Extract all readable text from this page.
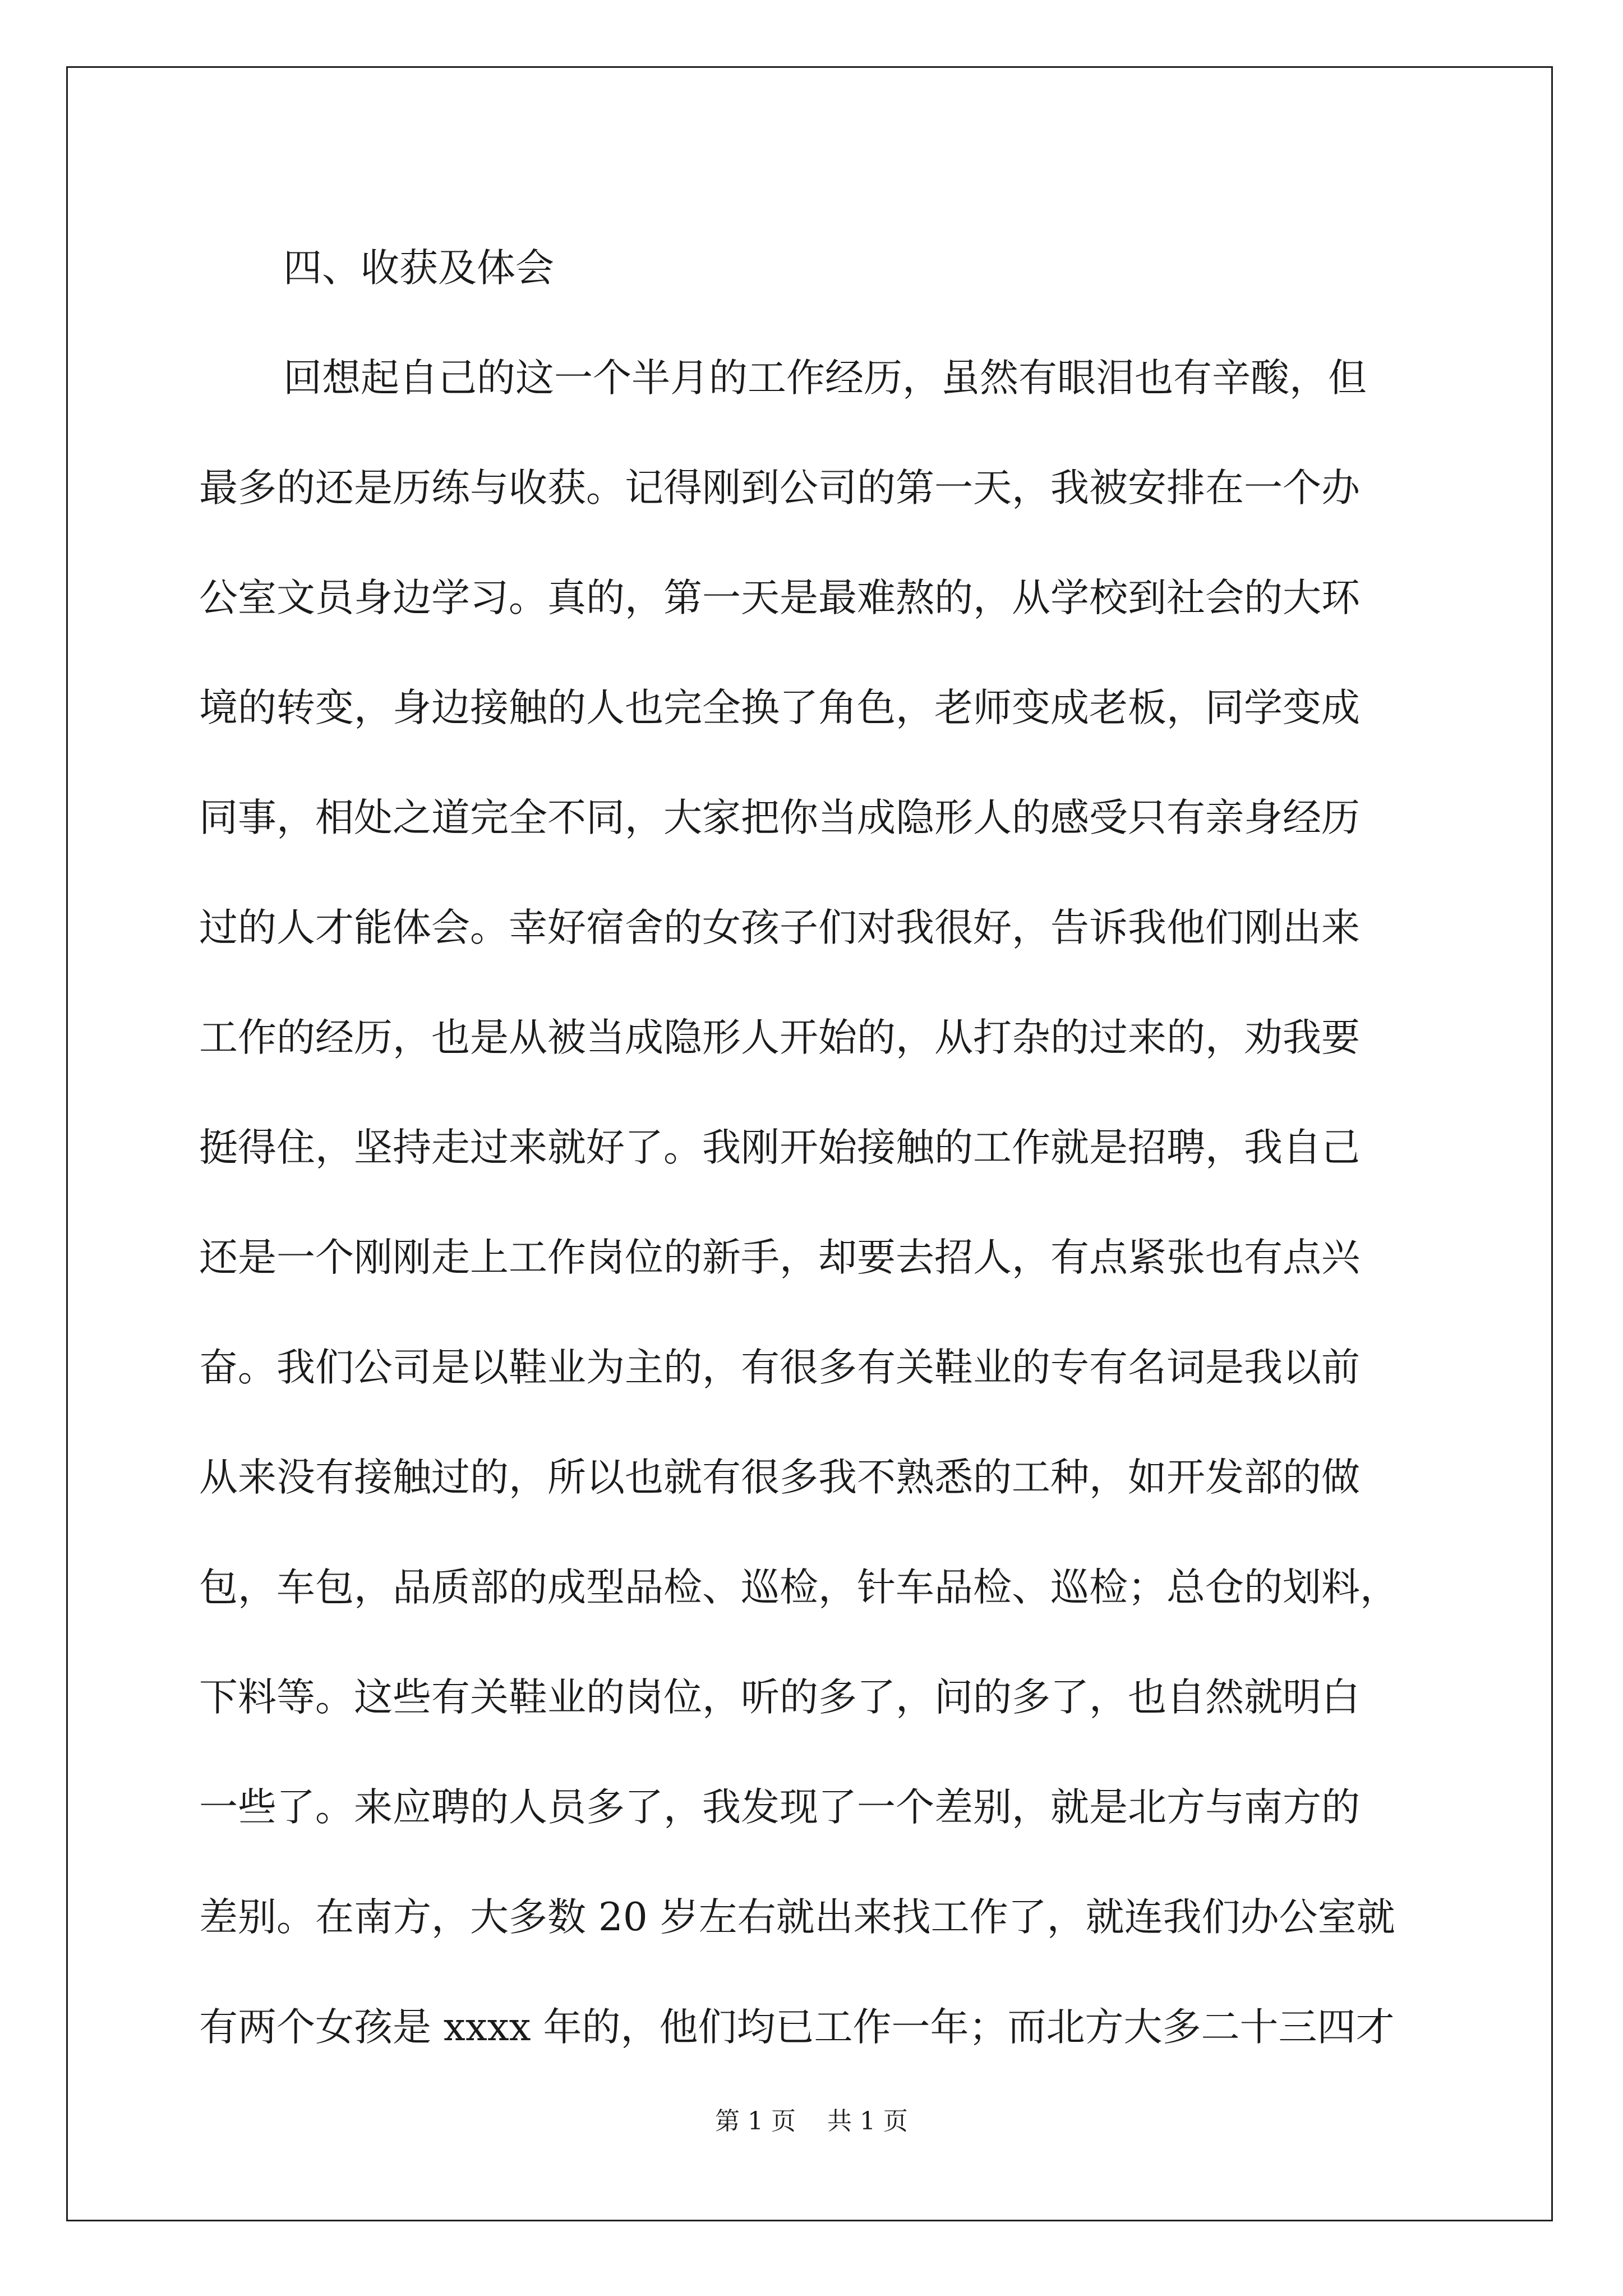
四、收获及体会

回想起自己的这一个半月的工作经历，虽然有眼泪也有辛酸，但

最多的还是历练与收获。记得刚到公司的第一天，我被安排在一个办

公室文员身边学习。真的，第一天是最难熬的，从学校到社会的大环

境的转变，身边接触的人也完全换了角色，老师变成老板，同学变成

同事，相处之道完全不同，大家把你当成隐形人的感受只有亲身经历

过的人才能体会。幸好宿舍的女孩子们对我很好，告诉我他们刚出来

工作的经历，也是从被当成隐形人开始的，从打杂的过来的，劝我要

挺得住，坚持走过来就好了。我刚开始接触的工作就是招聘，我自己

还是一个刚刚走上工作岗位的新手，却要去招人，有点紧张也有点兴

奋。我们公司是以鞋业为主的，有很多有关鞋业的专有名词是我以前

从来没有接触过的，所以也就有很多我不熟悉的工种，如开发部的做

包，车包，品质部的成型品检、巡检，针车品检、巡检；总仓的划料，

下料等。这些有关鞋业的岗位，听的多了，问的多了，也自然就明白

一些了。来应聘的人员多了，我发现了一个差别，就是北方与南方的

差别。在南方，大多数 20 岁左右就出来找工作了，就连我们办公室就

有两个女孩是 xxxx 年的，他们均已工作一年；而北方大多二十三四才

第 1 页    共 1 页
